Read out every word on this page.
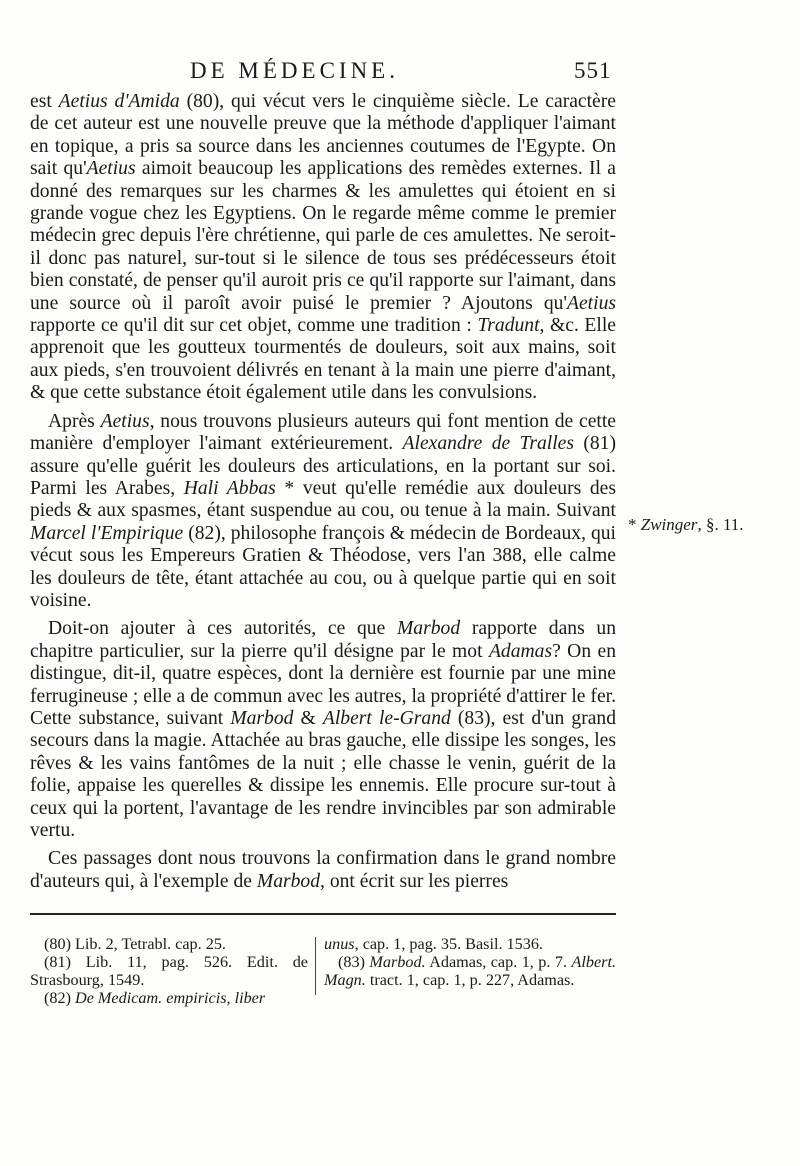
DE MÉDECINE.	551

est Aetius d'Amida (80), qui vécut vers le cinquième siècle. Le caractère de cet auteur est une nouvelle preuve que la méthode d'appliquer l'aimant en topique, a pris sa source dans les anciennes coutumes de l'Egypte. On sait qu'Aetius aimoit beaucoup les applications des remèdes externes. Il a donné des remarques sur les charmes & les amulettes qui étoient en si grande vogue chez les Egyptiens. On le regarde même comme le premier médecin grec depuis l'ère chrétienne, qui parle de ces amulettes. Ne seroit-il donc pas naturel, sur-tout si le silence de tous ses prédécesseurs étoit bien constaté, de penser qu'il auroit pris ce qu'il rapporte sur l'aimant, dans une source où il paroît avoir puisé le premier ? Ajoutons qu'Aetius rapporte ce qu'il dit sur cet objet, comme une tradition : Tradunt, &c. Elle apprenoit que les goutteux tourmentés de douleurs, soit aux mains, soit aux pieds, s'en trouvoient délivrés en tenant à la main une pierre d'aimant, & que cette substance étoit également utile dans les convulsions.

Après Aetius, nous trouvons plusieurs auteurs qui font mention de cette manière d'employer l'aimant extérieurement. Alexandre de Tralles (81) assure qu'elle guérit les douleurs des articulations, en la portant sur soi. Parmi les Arabes, Hali Abbas * veut qu'elle remédie aux douleurs des pieds & aux spasmes, étant suspendue au cou, ou tenue à la main. Suivant Marcel l'Empirique (82), philosophe françois & médecin de Bordeaux, qui vécut sous les Empereurs Gratien & Théodose, vers l'an 388, elle calme les douleurs de tête, étant attachée au cou, ou à quelque partie qui en soit voisine.

Doit-on ajouter à ces autorités, ce que Marbod rapporte dans un chapitre particulier, sur la pierre qu'il désigne par le mot Adamas? On en distingue, dit-il, quatre espèces, dont la dernière est fournie par une mine ferrugineuse ; elle a de commun avec les autres, la propriété d'attirer le fer. Cette substance, suivant Marbod & Albert le-Grand (83), est d'un grand secours dans la magie. Attachée au bras gauche, elle dissipe les songes, les rêves & les vains fantômes de la nuit ; elle chasse le venin, guérit de la folie, appaise les querelles & dissipe les ennemis. Elle procure sur-tout à ceux qui la portent, l'avantage de les rendre invincibles par son admirable vertu.

Ces passages dont nous trouvons la confirmation dans le grand nombre d'auteurs qui, à l'exemple de Marbod, ont écrit sur les pierres

* Zwinger, §. 11.

(80) Lib. 2, Tetrabl. cap. 25.

(81) Lib. 11, pag. 526. Edit. de Strasbourg, 1549.

(82) De Medicam. empiricis, liber

unus, cap. 1, pag. 35. Basil. 1536.

(83) Marbod. Adamas, cap. 1, p. 7. Albert. Magn. tract. 1, cap. 1, p. 227, Adamas.
